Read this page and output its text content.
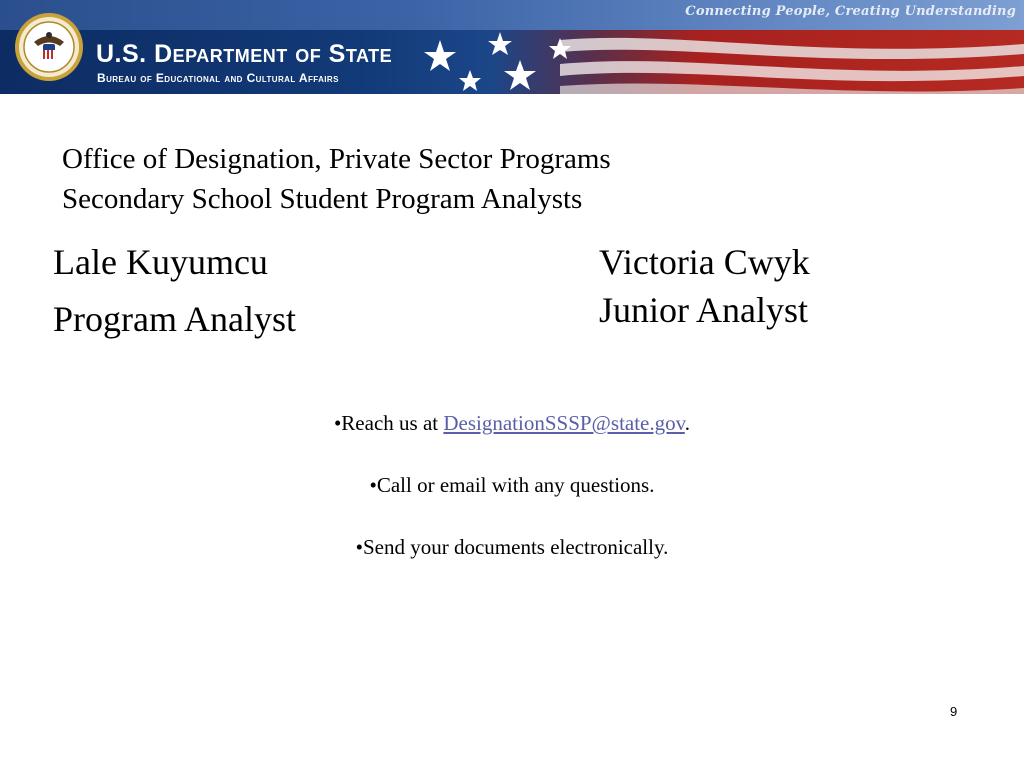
Connecting People, Creating Understanding
U.S. Department of State
Bureau of Educational and Cultural Affairs
Office of Designation, Private Sector Programs
Secondary School Student Program Analysts
Lale Kuyumcu
Program Analyst
Victoria Cwyk
Junior Analyst
•Reach us at DesignationSSSP@state.gov.
•Call or email with any questions.
•Send your documents electronically.
9
